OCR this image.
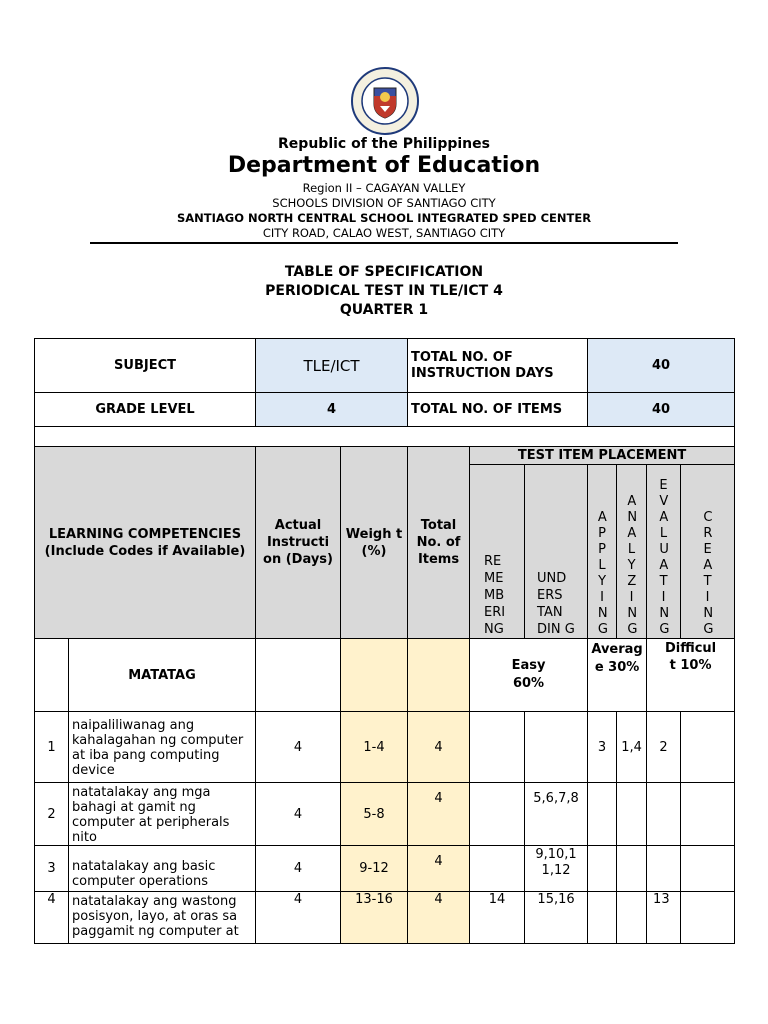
Republic of the Philippines
Department of Education
Region II – CAGAYAN VALLEY
SCHOOLS DIVISION OF SANTIAGO CITY
SANTIAGO NORTH CENTRAL SCHOOL INTEGRATED SPED CENTER
CITY ROAD, CALAO WEST, SANTIAGO CITY
TABLE OF SPECIFICATION
PERIODICAL TEST IN TLE/ICT 4
QUARTER 1
SUBJECT		TLE/ICT		TOTAL NO. OF INSTRUCTION DAYS			40			
GRADE LEVEL		4		TOTAL NO. OF ITEMS			40			

LEARNING COMPETENCIES (Include Codes if Available)		Actual Instructi on (Days)	Weigh t (%)	Total No. of Items	TEST ITEM PLACEMENT					
					RE ME MB ERI NG	UND ERS TAN DIN G	APPLYING	ANALYZING	EVALUATING	CREATING
	MATATAG				Easy 60%		Averag e 30%		Difficul t 10%	
1	naipaliliwanag ang kahalagahan ng computer at iba pang computing device	4	1-4	4			3	1,4	2	
2	natatalakay ang mga bahagi at gamit ng computer at peripherals nito	4	5-8	4		5,6,7,8				
3	natatalakay ang basic computer operations	4	9-12	4		9,10,1 1,12				
4	natatalakay ang wastong posisyon, layo, at oras sa paggamit ng computer at	4	13-16	4	14	15,16			13	
